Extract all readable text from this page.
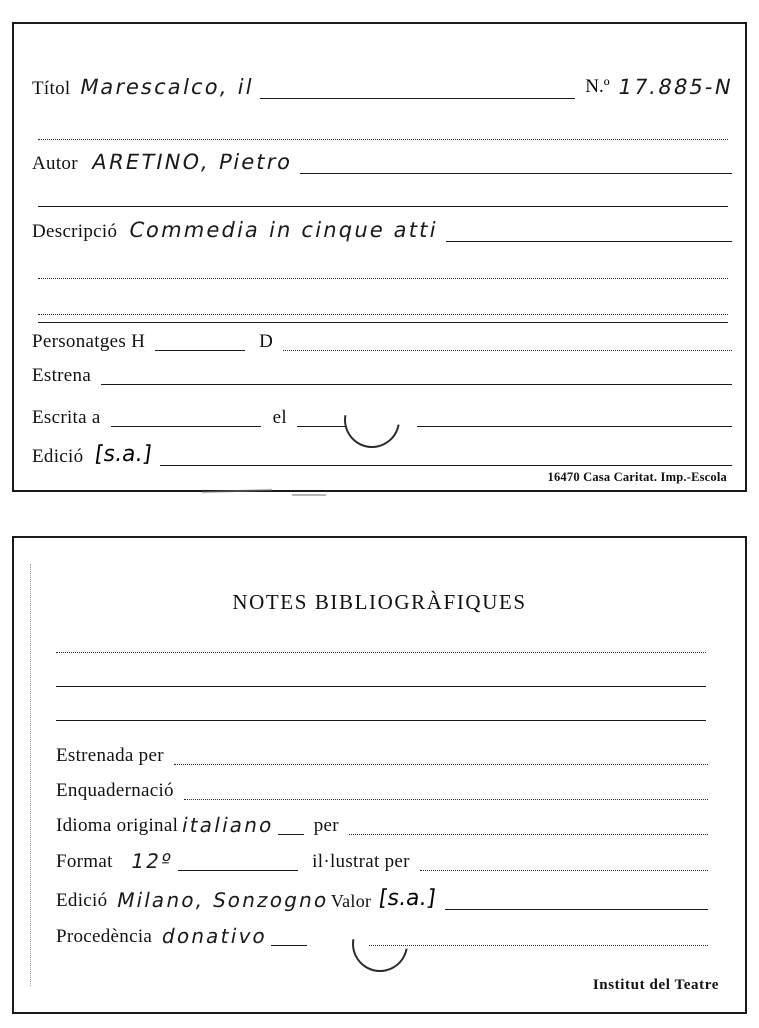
Títol Marescalco, il	N.º 17.885-N
Autor ARETINO, Pietro
Descripció Commedia in cinque atti
Personatges H	D
Estrena
Escrita a	el
Edició [s.a.]
16470 Casa Caritat. Imp.-Escola
NOTES BIBLIOGRÀFIQUES
Estrenada per
Enquadernació
Idioma original italiano per
Format 12º	il·lustrat per
Edició Milano, Sonzogno Valor [s.a.]
Procedència donativo
Institut del Teatre
